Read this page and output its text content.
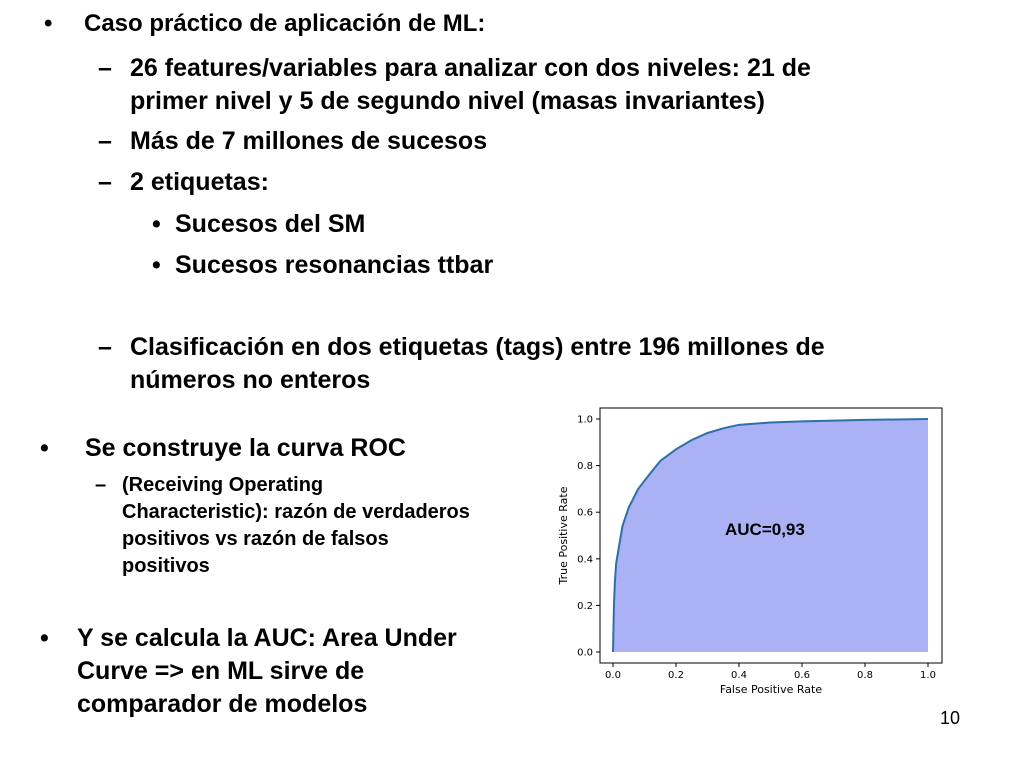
• Caso práctico de aplicación de ML:
– 26 features/variables para analizar con dos niveles: 21 de
primer nivel y 5 de segundo nivel (masas invariantes)
– Más de 7 millones de sucesos
– 2 etiquetas:
• Sucesos del SM
• Sucesos resonancias ttbar
– Clasificación en dos etiquetas (tags) entre 196 millones de
números no enteros
• Se construye la curva ROC
– (Receiving Operating
Characteristic): razón de verdaderos
positivos vs razón de falsos
positivos
• Y se calcula la AUC: Area Under
Curve => en ML sirve de
comparador de modelos
0.0	0.2	0.4	0.6	0.8	1.0
0.0
0.2
0.4
0.6
0.8
1.0
False Positive Rate
True Positive Rate	AUC=0,93
10
